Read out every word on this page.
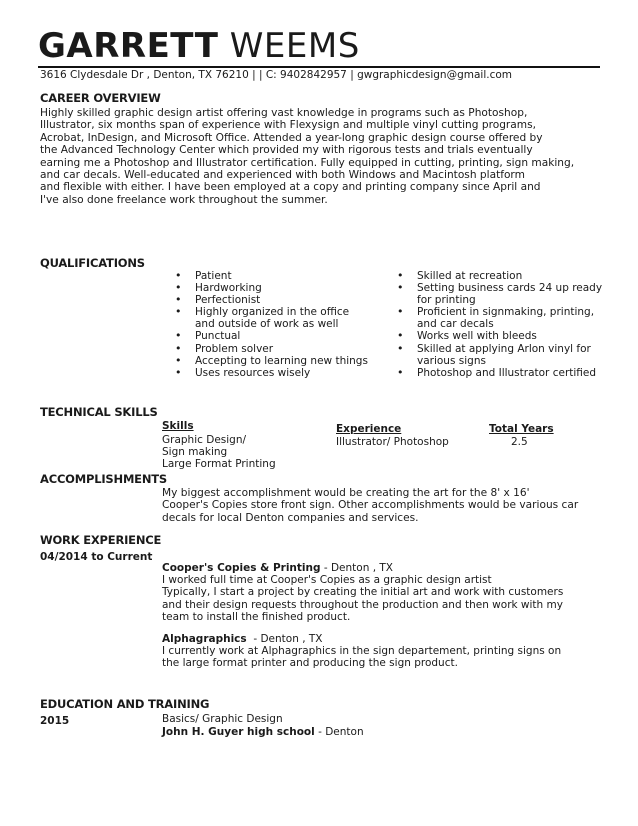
GARRETT WEEMS
3616 Clydesdale Dr , Denton, TX 76210 | | C: 9402842957 | gwgraphicdesign@gmail.com
CAREER OVERVIEW
Highly skilled graphic design artist offering vast knowledge in programs such as Photoshop,
Illustrator, six months span of experience with Flexysign and multiple vinyl cutting programs,
Acrobat, InDesign, and Microsoft Office. Attended a year-long graphic design course offered by
the Advanced Technology Center which provided my with rigorous tests and trials eventually
earning me a Photoshop and Illustrator certification. Fully equipped in cutting, printing, sign making,
and car decals. Well-educated and experienced with both Windows and Macintosh platform
and flexible with either. I have been employed at a copy and printing company since April and
I've also done freelance work throughout the summer.
QUALIFICATIONS
• Patient
• Hardworking
• Perfectionist
• Highly organized in the office and outside of work as well
• Punctual
• Problem solver
• Accepting to learning new things
• Uses resources wisely
• Skilled at recreation
• Setting business cards 24 up ready for printing
• Proficient in signmaking, printing, and car decals
• Works well with bleeds
• Skilled at applying Arlon vinyl for various signs
• Photoshop and Illustrator certified
TECHNICAL SKILLS
Skills
Graphic Design/
Sign making
Large Format Printing
Experience
Illustrator/ Photoshop
Total Years
2.5
ACCOMPLISHMENTS
My biggest accomplishment would be creating the art for the 8' x 16'
Cooper's Copies store front sign. Other accomplishments would be various car
decals for local Denton companies and services.
WORK EXPERIENCE
04/2014 to Current
Cooper's Copies & Printing - Denton , TX
I worked full time at Cooper's Copies as a graphic design artist
Typically, I start a project by creating the initial art and work with customers
and their design requests throughout the production and then work with my
team to install the finished product.
Alphagraphics  - Denton , TX
I currently work at Alphagraphics in the sign departement, printing signs on
the large format printer and producing the sign product.
EDUCATION AND TRAINING
2015	Basics/ Graphic Design
John H. Guyer high school - Denton
